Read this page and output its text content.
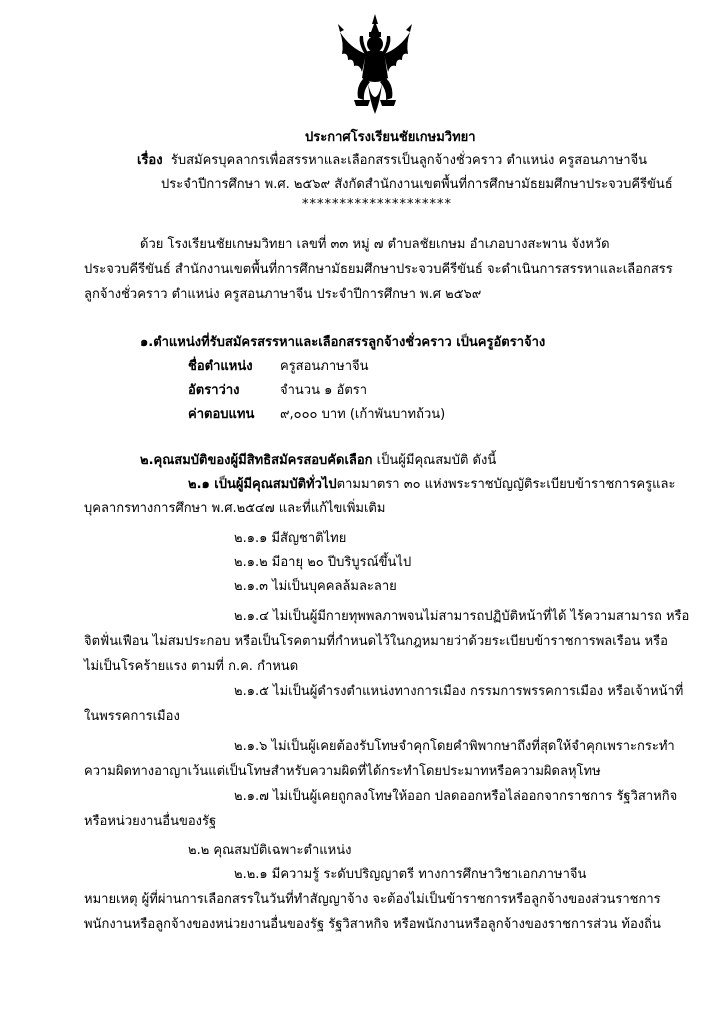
ประกาศโรงเรียนชัยเกษมวิทยา
เรื่อง รับสมัครบุคลากรเพื่อสรรหาและเลือกสรรเป็นลูกจ้างชั่วคราว ตำแหน่ง ครูสอนภาษาจีน
ประจำปีการศึกษา พ.ศ. ๒๕๖๙ สังกัดสำนักงานเขตพื้นที่การศึกษามัธยมศึกษาประจวบคีรีขันธ์
********************
ด้วย โรงเรียนชัยเกษมวิทยา เลขที่ ๓๓ หมู่ ๗ ตำบลชัยเกษม อำเภอบางสะพาน จังหวัด
ประจวบคีรีขันธ์ สำนักงานเขตพื้นที่การศึกษามัธยมศึกษาประจวบคีรีขันธ์ จะดำเนินการสรรหาและเลือกสรร
ลูกจ้างชั่วคราว ตำแหน่ง ครูสอนภาษาจีน ประจำปีการศึกษา พ.ศ ๒๕๖๙
๑.ตำแหน่งที่รับสมัครสรรหาและเลือกสรรลูกจ้างชั่วคราว เป็นครูอัตราจ้าง
ชื่อตำแหน่ง ครูสอนภาษาจีน
อัตราว่าง	จำนวน ๑ อัตรา
ค่าตอบแทน ๙,๐๐๐ บาท (เก้าพันบาทถ้วน)
๒.คุณสมบัติของผู้มีสิทธิสมัครสอบคัดเลือก เป็นผู้มีคุณสมบัติ ดังนี้
๒.๑ เป็นผู้มีคุณสมบัติทั่วไปตามมาตรา ๓๐ แห่งพระราชบัญญัติระเบียบข้าราชการครูและ
บุคลากรทางการศึกษา พ.ศ.๒๕๔๗ และที่แก้ไขเพิ่มเติม
๒.๑.๑ มีสัญชาติไทย
๒.๑.๒ มีอายุ ๒๐ ปีบริบูรณ์ขึ้นไป
๒.๑.๓ ไม่เป็นบุคคลล้มละลาย
๒.๑.๔ ไม่เป็นผู้มีกายทุพพลภาพจนไม่สามารถปฏิบัติหน้าที่ได้ ไร้ความสามารถ หรือ
จิตฟั่นเฟือน ไม่สมประกอบ หรือเป็นโรคตามที่กำหนดไว้ในกฎหมายว่าด้วยระเบียบข้าราชการพลเรือน หรือ
ไม่เป็นโรคร้ายแรง ตามที่ ก.ค. กำหนด
๒.๑.๕ ไม่เป็นผู้ดำรงตำแหน่งทางการเมือง กรรมการพรรคการเมือง หรือเจ้าหน้าที่
ในพรรคการเมือง
๒.๑.๖ ไม่เป็นผู้เคยต้องรับโทษจำคุกโดยคำพิพากษาถึงที่สุดให้จำคุกเพราะกระทำ
ความผิดทางอาญาเว้นแต่เป็นโทษสำหรับความผิดที่ได้กระทำโดยประมาทหรือความผิดลหุโทษ
๒.๑.๗ ไม่เป็นผู้เคยถูกลงโทษให้ออก ปลดออกหรือไล่ออกจากราชการ รัฐวิสาหกิจ
หรือหน่วยงานอื่นของรัฐ
๒.๒ คุณสมบัติเฉพาะตำแหน่ง
๒.๒.๑ มีความรู้ ระดับปริญญาตรี ทางการศึกษาวิชาเอกภาษาจีน
หมายเหตุ ผู้ที่ผ่านการเลือกสรรในวันที่ทำสัญญาจ้าง จะต้องไม่เป็นข้าราชการหรือลูกจ้างของส่วนราชการ
พนักงานหรือลูกจ้างของหน่วยงานอื่นของรัฐ รัฐวิสาหกิจ หรือพนักงานหรือลูกจ้างของราชการส่วน ท้องถิ่น
